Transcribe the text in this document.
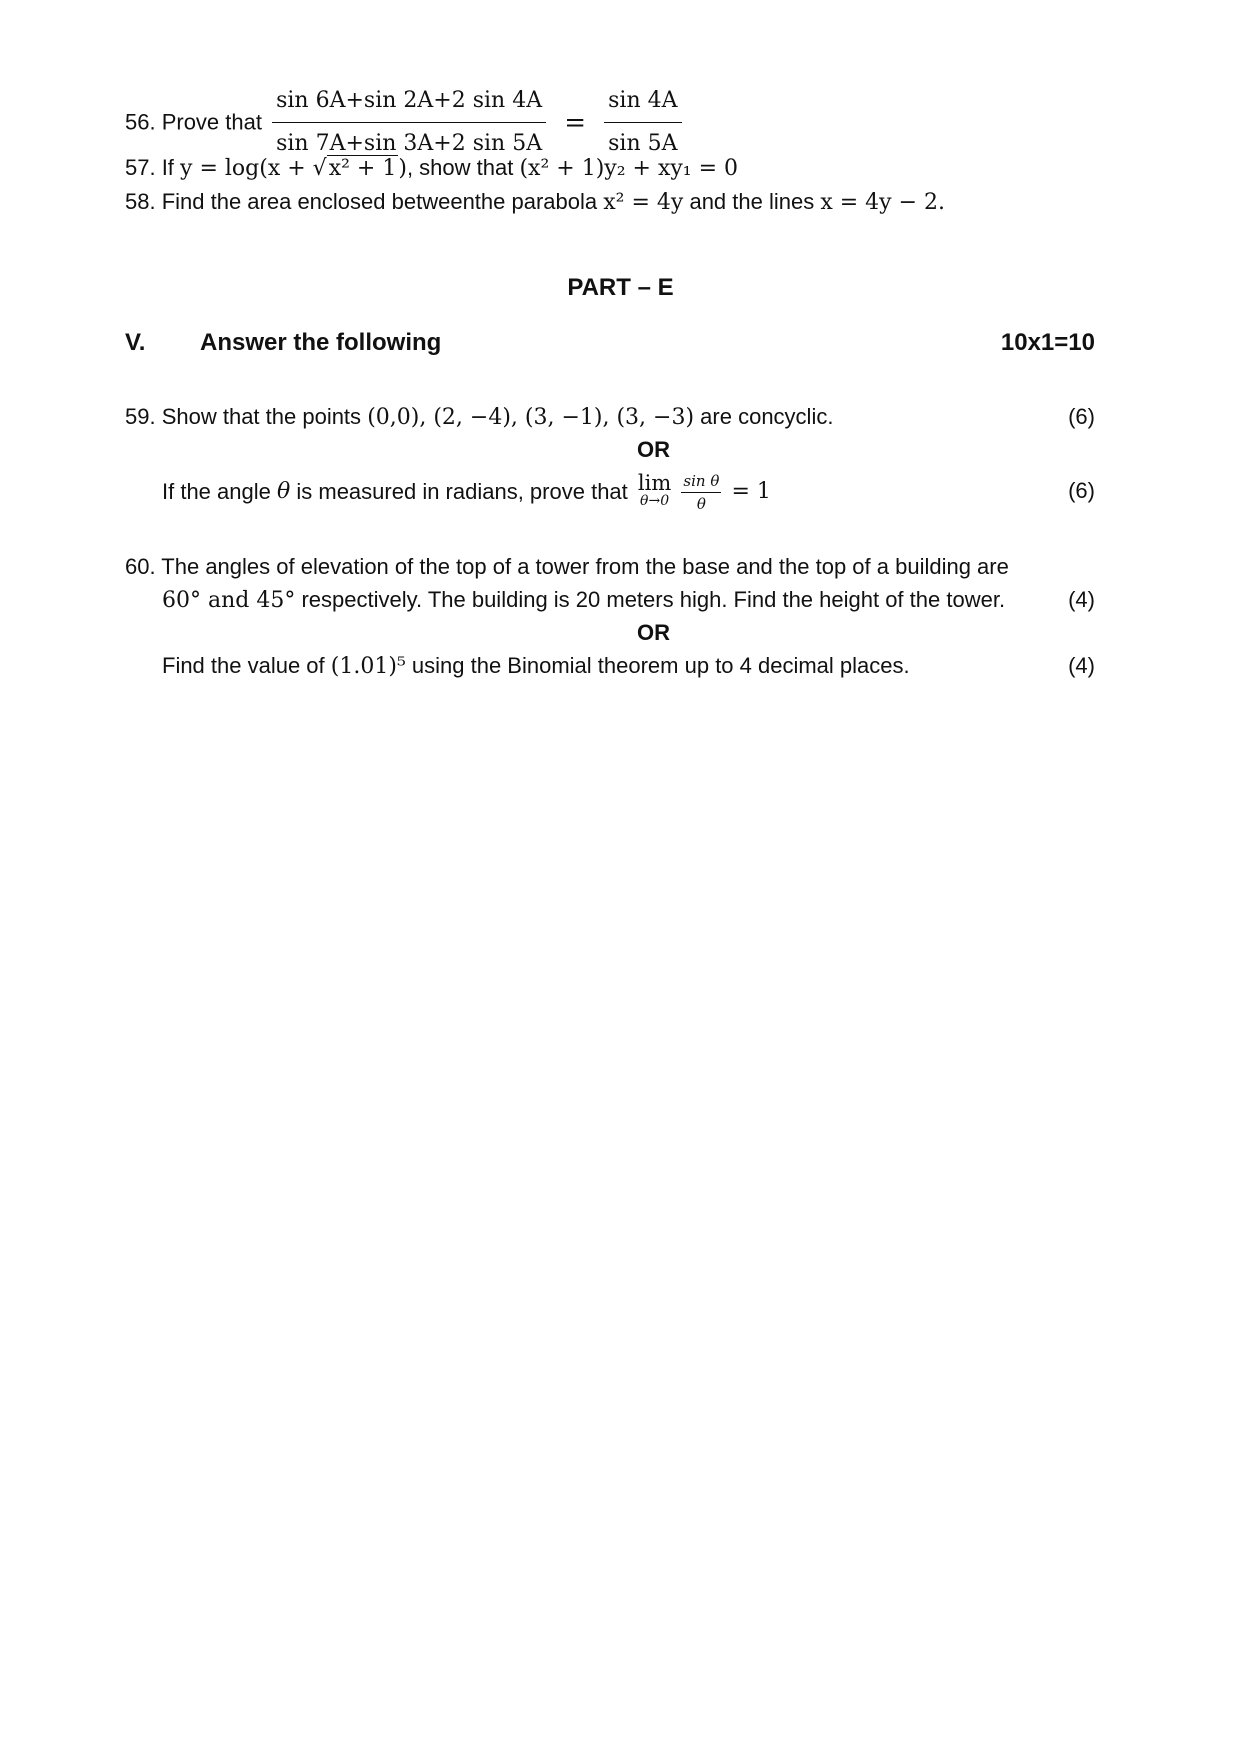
56. Prove that $\frac{\sin 6A+\sin 2A+2 \sin 4A}{\sin 7A+\sin 3A+2 \sin 5A} = \frac{\sin 4A}{\sin 5A}$
57. If y = log(x + √x² + 1), show that (x² + 1)y₂ + xy₁ = 0
58. Find the area enclosed betweenthe parabola x² = 4y and the lines x = 4y − 2.
PART – E
V. Answer the following	10x1=10
59. Show that the points (0,0), (2, −4), (3, −1), (3, −3) are concyclic.	(6)
OR
If the angle θ is measured in radians, prove that lim
θ→0
$\frac{\text{sin θ}}{\theta} = 1$	(6)
60. The angles of elevation of the top of a tower from the base and the top of a building are
60° and 45° respectively. The building is 20 meters high. Find the height of the tower.	(4)
OR
Find the value of (1.01)⁵ using the Binomial theorem up to 4 decimal places.	(4)
